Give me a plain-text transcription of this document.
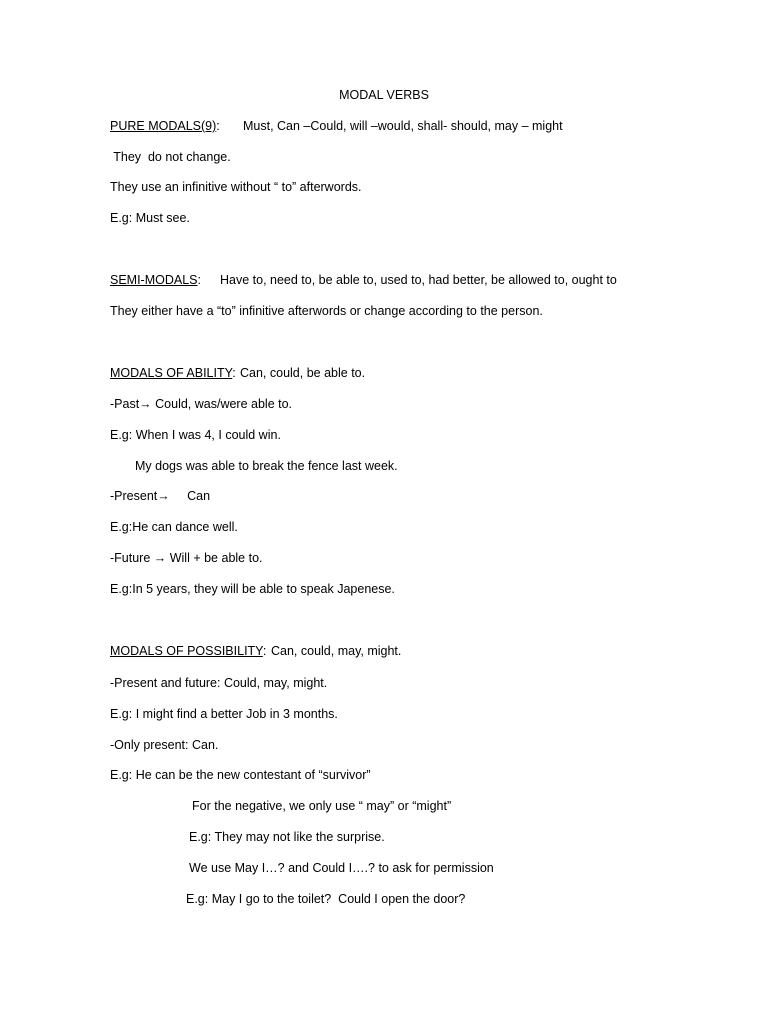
MODAL VERBS
PURE MODALS(9): Must, Can –Could, will –would, shall- should, may – might
They  do not change.
They use an infinitive without “ to” afterwords.
E.g: Must see.
SEMI-MODALS: Have to, need to, be able to, used to, had better, be allowed to, ought to
They either have a “to” infinitive afterwords or change according to the person.
MODALS OF ABILITY: Can, could, be able to.
-Past→ Could, was/were able to.
E.g: When I was 4, I could win.
My dogs was able to break the fence last week.
-Present→     Can
E.g:He can dance well.
-Future → Will + be able to.
E.g:In 5 years, they will be able to speak Japenese.
MODALS OF POSSIBILITY: Can, could, may, might.
-Present and future: Could, may, might.
E.g: I might find a better Job in 3 months.
-Only present: Can.
E.g: He can be the new contestant of “survivor”
For the negative, we only use “ may” or “might”
E.g: They may not like the surprise.
We use May I…? and Could I….? to ask for permission
E.g: May I go to the toilet?  Could I open the door?
